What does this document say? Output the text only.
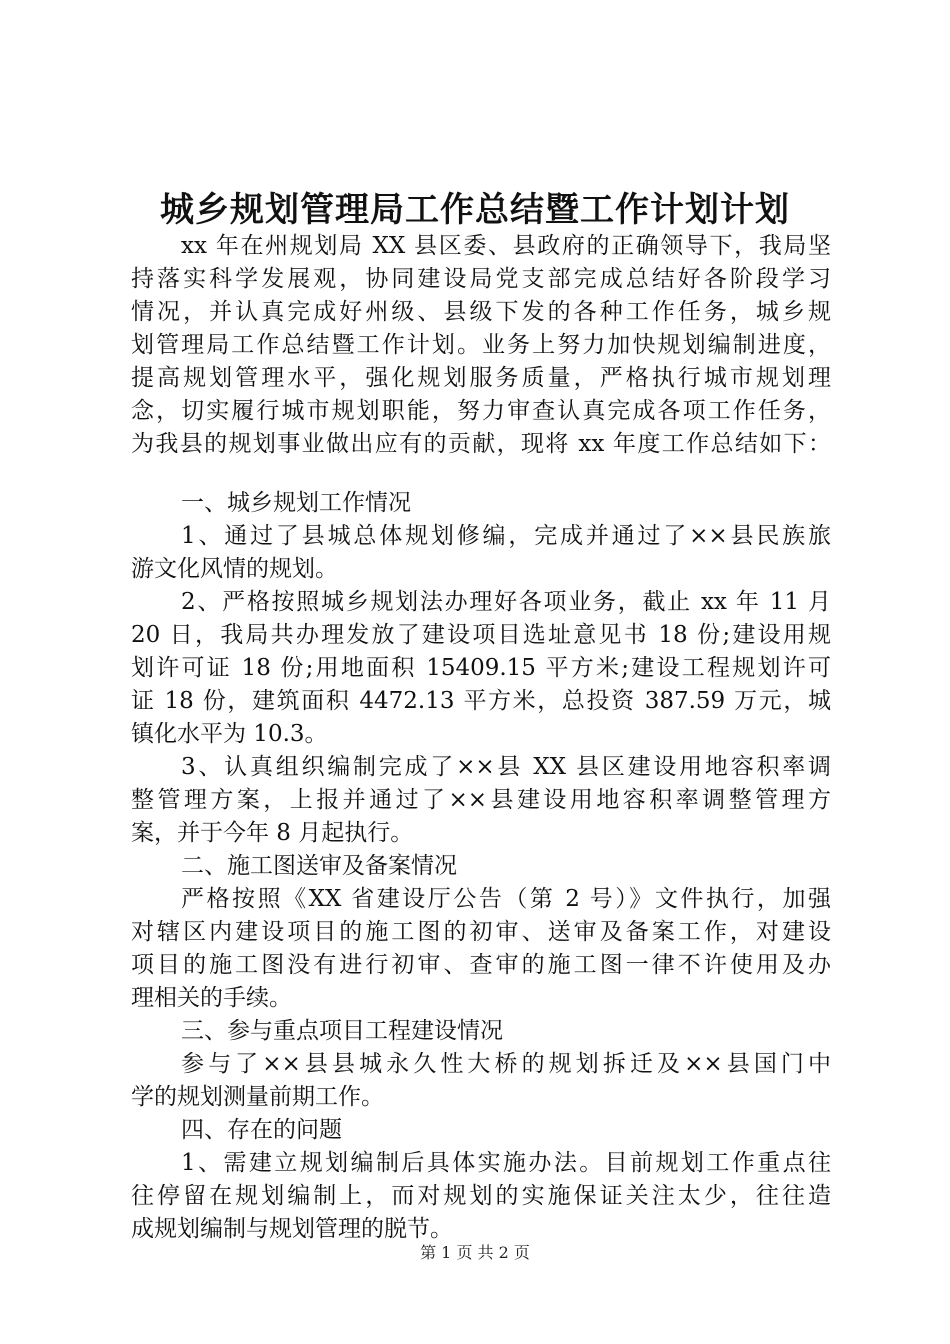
城乡规划管理局工作总结暨工作计划计划
xx 年在州规划局 XX 县区委、县政府的正确领导下，我局坚
持落实科学发展观，协同建设局党支部完成总结好各阶段学习
情况，并认真完成好州级、县级下发的各种工作任务，城乡规
划管理局工作总结暨工作计划。业务上努力加快规划编制进度，
提高规划管理水平，强化规划服务质量，严格执行城市规划理
念，切实履行城市规划职能，努力审查认真完成各项工作任务，
为我县的规划事业做出应有的贡献，现将 xx 年度工作总结如下：
一、城乡规划工作情况
1、通过了县城总体规划修编，完成并通过了××县民族旅
游文化风情的规划。
2、严格按照城乡规划法办理好各项业务，截止 xx 年 11 月
20 日，我局共办理发放了建设项目选址意见书 18 份;建设用规
划许可证 18 份;用地面积 15409.15 平方米;建设工程规划许可
证 18 份，建筑面积 4472.13 平方米，总投资 387.59 万元，城
镇化水平为 10.3。
3、认真组织编制完成了××县 XX 县区建设用地容积率调
整管理方案，上报并通过了××县建设用地容积率调整管理方
案，并于今年 8 月起执行。
二、施工图送审及备案情况
严格按照《XX 省建设厅公告（第 2 号）》文件执行，加强
对辖区内建设项目的施工图的初审、送审及备案工作，对建设
项目的施工图没有进行初审、查审的施工图一律不许使用及办
理相关的手续。
三、参与重点项目工程建设情况
参与了××县县城永久性大桥的规划拆迁及××县国门中
学的规划测量前期工作。
四、存在的问题
1、需建立规划编制后具体实施办法。目前规划工作重点往
往停留在规划编制上，而对规划的实施保证关注太少，往往造
成规划编制与规划管理的脱节。
第 1 页 共 2 页
